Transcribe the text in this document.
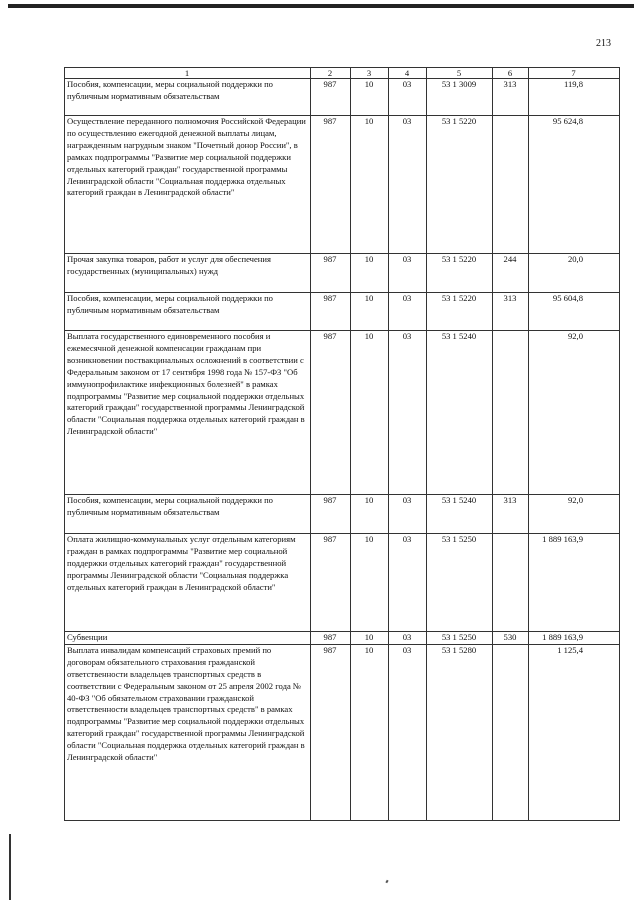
213
1	2	3	4	5	6	7
Пособия, компенсации, меры социальной поддержки по публичным нормативным обязательствам	987	10	03	53 1 3009	313	119,8
Осуществление переданного полномочия Российской Федерации по осуществлению ежегодной денежной выплаты лицам, награжденным нагрудным знаком "Почетный донор России", в рамках подпрограммы "Развитие мер социальной поддержки отдельных категорий граждан" государственной программы Ленинградской области "Социальная поддержка отдельных категорий граждан в Ленинградской области"	987	10	03	53 1 5220		95 624,8
Прочая закупка товаров, работ и услуг для обеспечения государственных (муниципальных) нужд	987	10	03	53 1 5220	244	20,0
Пособия, компенсации, меры социальной поддержки по публичным нормативным обязательствам	987	10	03	53 1 5220	313	95 604,8
Выплата государственного единовременного пособия и ежемесячной денежной компенсации гражданам при возникновении поствакцинальных осложнений в соответствии с Федеральным законом от 17 сентября 1998 года № 157-ФЗ "Об иммунопрофилактике инфекционных болезней" в рамках подпрограммы "Развитие мер социальной поддержки отдельных категорий граждан" государственной программы Ленинградской области "Социальная поддержка отдельных категорий граждан в Ленинградской области"	987	10	03	53 1 5240		92,0
Пособия, компенсации, меры социальной поддержки по публичным нормативным обязательствам	987	10	03	53 1 5240	313	92,0
Оплата жилищно-коммунальных услуг отдельным категориям граждан в рамках подпрограммы "Развитие мер социальной поддержки отдельных категорий граждан" государственной программы Ленинградской области "Социальная поддержка отдельных категорий граждан в Ленинградской области"	987	10	03	53 1 5250		1 889 163,9
Субвенции	987	10	03	53 1 5250	530	1 889 163,9
Выплата инвалидам компенсаций страховых премий по договорам обязательного страхования гражданской ответственности владельцев транспортных средств в соответствии с Федеральным законом от 25 апреля 2002 года № 40-ФЗ "Об обязательном страховании гражданской ответственности владельцев транспортных средств" в рамках подпрограммы "Развитие мер социальной поддержки отдельных категорий граждан" государственной программы Ленинградской области "Социальная поддержка отдельных категорий граждан в Ленинградской области"	987	10	03	53 1 5280		1 125,4
